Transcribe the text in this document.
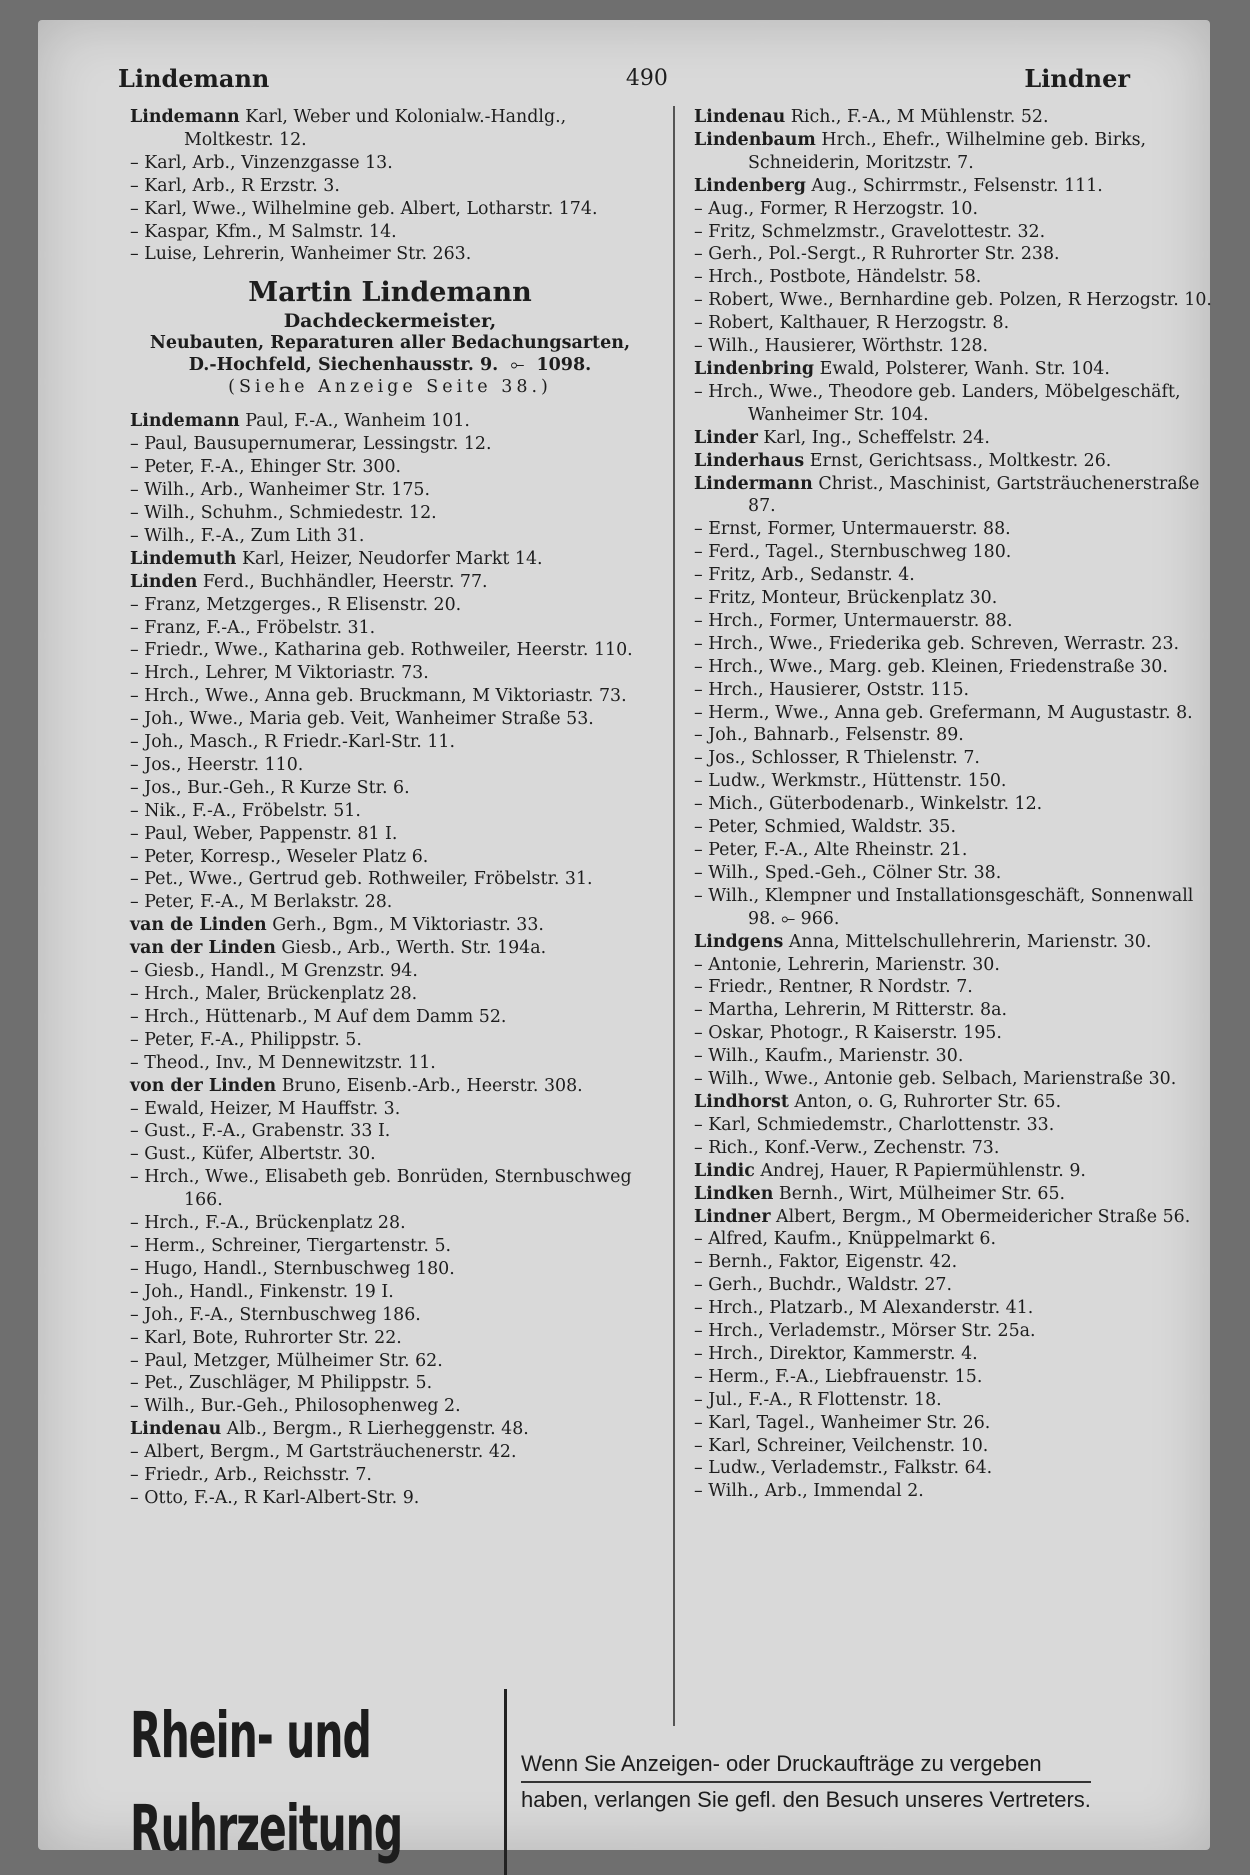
Lindemann	490	Lindner
Lindemann Karl, Weber und Kolonialw.-Handlg., Moltkestr. 12.
– Karl, Arb., Vinzenzgasse 13.
– Karl, Arb., R Erzstr. 3.
– Karl, Wwe., Wilhelmine geb. Albert, Lotharstr. 174.
– Kaspar, Kfm., M Salmstr. 14.
– Luise, Lehrerin, Wanheimer Str. 263.
Martin Lindemann
Dachdeckermeister,
Neubauten, Reparaturen aller Bedachungsarten,
D.-Hochfeld, Siechenhausstr. 9. ⟜ 1098.
(Siehe Anzeige Seite 38.)
Lindemann Paul, F.-A., Wanheim 101.
– Paul, Bausupernumerar, Lessingstr. 12.
– Peter, F.-A., Ehinger Str. 300.
– Wilh., Arb., Wanheimer Str. 175.
– Wilh., Schuhm., Schmiedestr. 12.
– Wilh., F.-A., Zum Lith 31.
Lindemuth Karl, Heizer, Neudorfer Markt 14.
Linden Ferd., Buchhändler, Heerstr. 77.
– Franz, Metzgerges., R Elisenstr. 20.
– Franz, F.-A., Fröbelstr. 31.
– Friedr., Wwe., Katharina geb. Rothweiler, Heerstr. 110.
– Hrch., Lehrer, M Viktoriastr. 73.
– Hrch., Wwe., Anna geb. Bruckmann, M Viktoriastr. 73.
– Joh., Wwe., Maria geb. Veit, Wanheimer Straße 53.
– Joh., Masch., R Friedr.-Karl-Str. 11.
– Jos., Heerstr. 110.
– Jos., Bur.-Geh., R Kurze Str. 6.
– Nik., F.-A., Fröbelstr. 51.
– Paul, Weber, Pappenstr. 81 I.
– Peter, Korresp., Weseler Platz 6.
– Pet., Wwe., Gertrud geb. Rothweiler, Fröbelstr. 31.
– Peter, F.-A., M Berlakstr. 28.
van de Linden Gerh., Bgm., M Viktoriastr. 33.
van der Linden Giesb., Arb., Werth. Str. 194a.
– Giesb., Handl., M Grenzstr. 94.
– Hrch., Maler, Brückenplatz 28.
– Hrch., Hüttenarb., M Auf dem Damm 52.
– Peter, F.-A., Philippstr. 5.
– Theod., Inv., M Dennewitzstr. 11.
von der Linden Bruno, Eisenb.-Arb., Heerstr. 308.
– Ewald, Heizer, M Hauffstr. 3.
– Gust., F.-A., Grabenstr. 33 I.
– Gust., Küfer, Albertstr. 30.
– Hrch., Wwe., Elisabeth geb. Bonrüden, Sternbuschweg 166.
– Hrch., F.-A., Brückenplatz 28.
– Herm., Schreiner, Tiergartenstr. 5.
– Hugo, Handl., Sternbuschweg 180.
– Joh., Handl., Finkenstr. 19 I.
– Joh., F.-A., Sternbuschweg 186.
– Karl, Bote, Ruhrorter Str. 22.
– Paul, Metzger, Mülheimer Str. 62.
– Pet., Zuschläger, M Philippstr. 5.
– Wilh., Bur.-Geh., Philosophenweg 2.
Lindenau Alb., Bergm., R Lierheggenstr. 48.
– Albert, Bergm., M Gartsträuchenerstr. 42.
– Friedr., Arb., Reichsstr. 7.
– Otto, F.-A., R Karl-Albert-Str. 9.
Lindenau Rich., F.-A., M Mühlenstr. 52.
Lindenbaum Hrch., Ehefr., Wilhelmine geb. Birks, Schneiderin, Moritzstr. 7.
Lindenberg Aug., Schirrmstr., Felsenstr. 111.
– Aug., Former, R Herzogstr. 10.
– Fritz, Schmelzmstr., Gravelottestr. 32.
– Gerh., Pol.-Sergt., R Ruhrorter Str. 238.
– Hrch., Postbote, Händelstr. 58.
– Robert, Wwe., Bernhardine geb. Polzen, R Herzogstr. 10.
– Robert, Kalthauer, R Herzogstr. 8.
– Wilh., Hausierer, Wörthstr. 128.
Lindenbring Ewald, Polsterer, Wanh. Str. 104.
– Hrch., Wwe., Theodore geb. Landers, Möbelgeschäft, Wanheimer Str. 104.
Linder Karl, Ing., Scheffelstr. 24.
Linderhaus Ernst, Gerichtsass., Moltkestr. 26.
Lindermann Christ., Maschinist, Gartsträuchenerstraße 87.
– Ernst, Former, Untermauerstr. 88.
– Ferd., Tagel., Sternbuschweg 180.
– Fritz, Arb., Sedanstr. 4.
– Fritz, Monteur, Brückenplatz 30.
– Hrch., Former, Untermauerstr. 88.
– Hrch., Wwe., Friederika geb. Schreven, Werrastr. 23.
– Hrch., Wwe., Marg. geb. Kleinen, Friedenstraße 30.
– Hrch., Hausierer, Oststr. 115.
– Herm., Wwe., Anna geb. Grefermann, M Augustastr. 8.
– Joh., Bahnarb., Felsenstr. 89.
– Jos., Schlosser, R Thielenstr. 7.
– Ludw., Werkmstr., Hüttenstr. 150.
– Mich., Güterbodenarb., Winkelstr. 12.
– Peter, Schmied, Waldstr. 35.
– Peter, F.-A., Alte Rheinstr. 21.
– Wilh., Sped.-Geh., Cölner Str. 38.
– Wilh., Klempner und Installationsgeschäft, Sonnenwall 98. ⟜ 966.
Lindgens Anna, Mittelschullehrerin, Marienstr. 30.
– Antonie, Lehrerin, Marienstr. 30.
– Friedr., Rentner, R Nordstr. 7.
– Martha, Lehrerin, M Ritterstr. 8a.
– Oskar, Photogr., R Kaiserstr. 195.
– Wilh., Kaufm., Marienstr. 30.
– Wilh., Wwe., Antonie geb. Selbach, Marienstraße 30.
Lindhorst Anton, o. G, Ruhrorter Str. 65.
– Karl, Schmiedemstr., Charlottenstr. 33.
– Rich., Konf.-Verw., Zechenstr. 73.
Lindic Andrej, Hauer, R Papiermühlenstr. 9.
Lindken Bernh., Wirt, Mülheimer Str. 65.
Lindner Albert, Bergm., M Obermeidericher Straße 56.
– Alfred, Kaufm., Knüppelmarkt 6.
– Bernh., Faktor, Eigenstr. 42.
– Gerh., Buchdr., Waldstr. 27.
– Hrch., Platzarb., M Alexanderstr. 41.
– Hrch., Verlademstr., Mörser Str. 25a.
– Hrch., Direktor, Kammerstr. 4.
– Herm., F.-A., Liebfrauenstr. 15.
– Jul., F.-A., R Flottenstr. 18.
– Karl, Tagel., Wanheimer Str. 26.
– Karl, Schreiner, Veilchenstr. 10.
– Ludw., Verlademstr., Falkstr. 64.
– Wilh., Arb., Immendal 2.
Rhein- und Ruhrzeitung
Wenn Sie Anzeigen- oder Druckaufträge zu vergeben
haben, verlangen Sie gefl. den Besuch unseres Vertreters.
